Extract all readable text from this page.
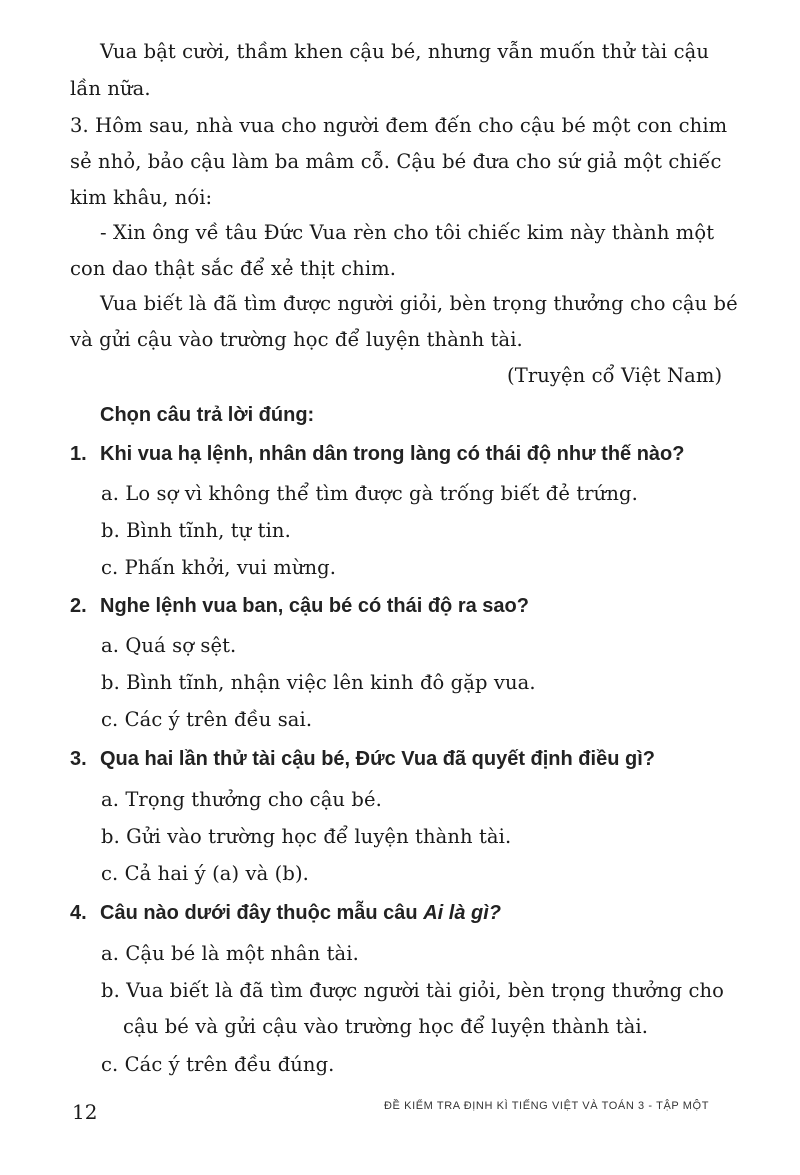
Vua bật cười, thầm khen cậu bé, nhưng vẫn muốn thử tài cậu
lần nữa.
3. Hôm sau, nhà vua cho người đem đến cho cậu bé một con chim
sẻ nhỏ, bảo cậu làm ba mâm cỗ. Cậu bé đưa cho sứ giả một chiếc
kim khâu, nói:
- Xin ông về tâu Đức Vua rèn cho tôi chiếc kim này thành một
con dao thật sắc để xẻ thịt chim.
Vua biết là đã tìm được người giỏi, bèn trọng thưởng cho cậu bé
và gửi cậu vào trường học để luyện thành tài.
(Truyện cổ Việt Nam)
Chọn câu trả lời đúng:
1. Khi vua hạ lệnh, nhân dân trong làng có thái độ như thế nào?
a. Lo sợ vì không thể tìm được gà trống biết đẻ trứng.
b. Bình tĩnh, tự tin.
c. Phấn khởi, vui mừng.
2. Nghe lệnh vua ban, cậu bé có thái độ ra sao?
a. Quá sợ sệt.
b. Bình tĩnh, nhận việc lên kinh đô gặp vua.
c. Các ý trên đều sai.
3. Qua hai lần thử tài cậu bé, Đức Vua đã quyết định điều gì?
a. Trọng thưởng cho cậu bé.
b. Gửi vào trường học để luyện thành tài.
c. Cả hai ý (a) và (b).
4. Câu nào dưới đây thuộc mẫu câu Ai là gì?
a. Cậu bé là một nhân tài.
b. Vua biết là đã tìm được người tài giỏi, bèn trọng thưởng cho
cậu bé và gửi cậu vào trường học để luyện thành tài.
c. Các ý trên đều đúng.
12	ĐỀ KIỂM TRA ĐỊNH KÌ TIẾNG VIỆT VÀ TOÁN 3 - TẬP MỘT
